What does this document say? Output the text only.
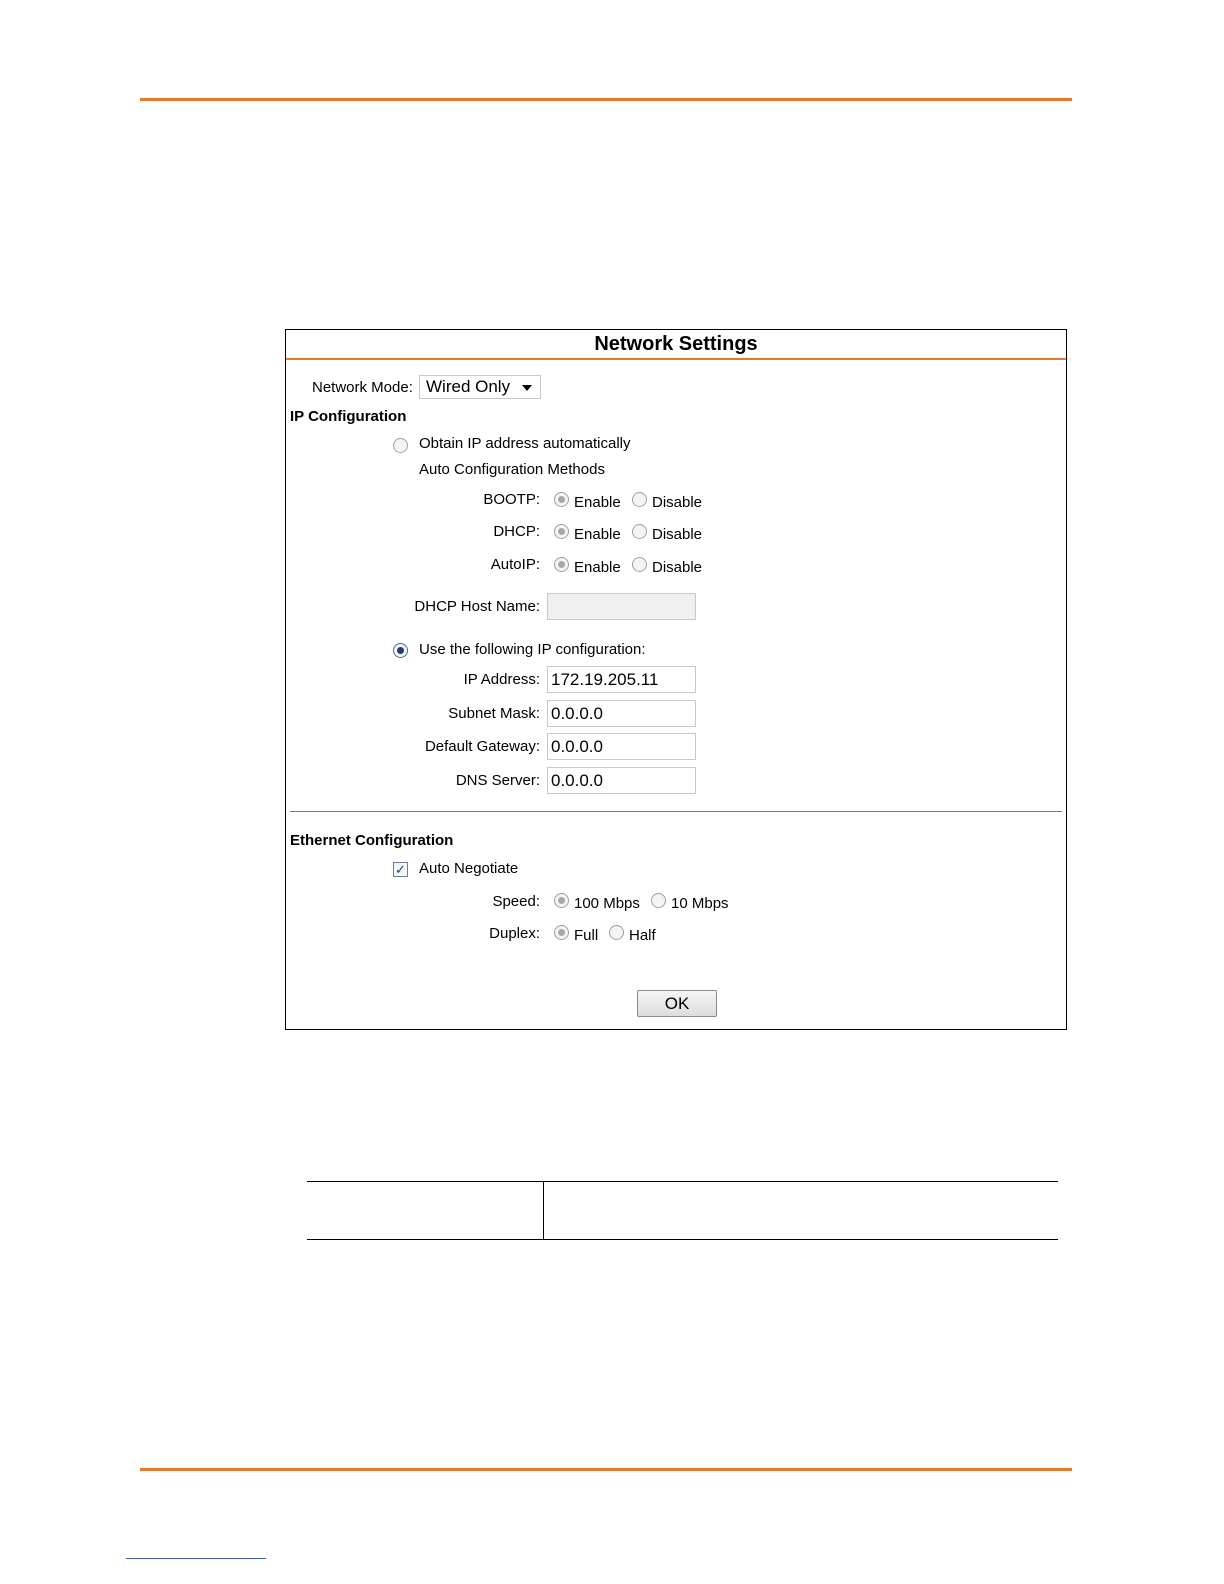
Network Settings
Network Mode: Wired Only
IP Configuration
Obtain IP address automatically
Auto Configuration Methods
BOOTP: Enable Disable
DHCP: Enable Disable
AutoIP: Enable Disable
DHCP Host Name:
Use the following IP configuration:
IP Address: 172.19.205.11
Subnet Mask: 0.0.0.0
Default Gateway: 0.0.0.0
DNS Server: 0.0.0.0
Ethernet Configuration
✓ Auto Negotiate
Speed: 100 Mbps 10 Mbps
Duplex: Full Half
OK
